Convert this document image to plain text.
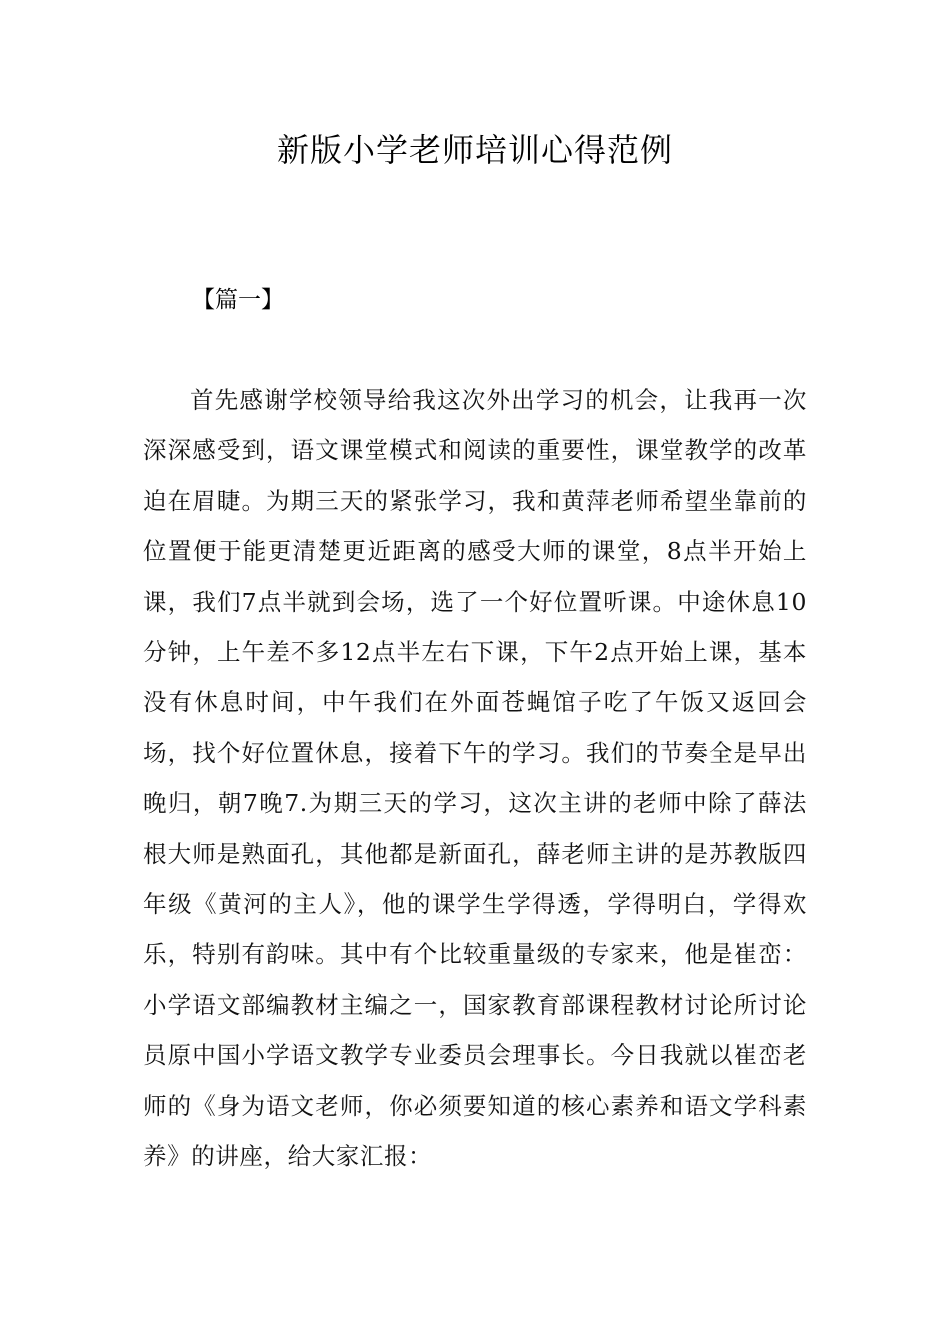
新版小学老师培训心得范例

【篇一】

首先感谢学校领导给我这次外出学习的机会，让我再一次深深感受到，语文课堂模式和阅读的重要性，课堂教学的改革迫在眉睫。为期三天的紧张学习，我和黄萍老师希望坐靠前的位置便于能更清楚更近距离的感受大师的课堂，8点半开始上课，我们7点半就到会场，选了一个好位置听课。中途休息10分钟，上午差不多12点半左右下课，下午2点开始上课，基本没有休息时间，中午我们在外面苍蝇馆子吃了午饭又返回会场，找个好位置休息，接着下午的学习。我们的节奏全是早出晚归，朝7晚7.为期三天的学习，这次主讲的老师中除了薛法根大师是熟面孔，其他都是新面孔，薛老师主讲的是苏教版四年级《黄河的主人》，他的课学生学得透，学得明白，学得欢乐，特别有韵味。其中有个比较重量级的专家来，他是崔峦：小学语文部编教材主编之一，国家教育部课程教材讨论所讨论员原中国小学语文教学专业委员会理事长。今日我就以崔峦老师的《身为语文老师，你必须要知道的核心素养和语文学科素养》的讲座，给大家汇报：
